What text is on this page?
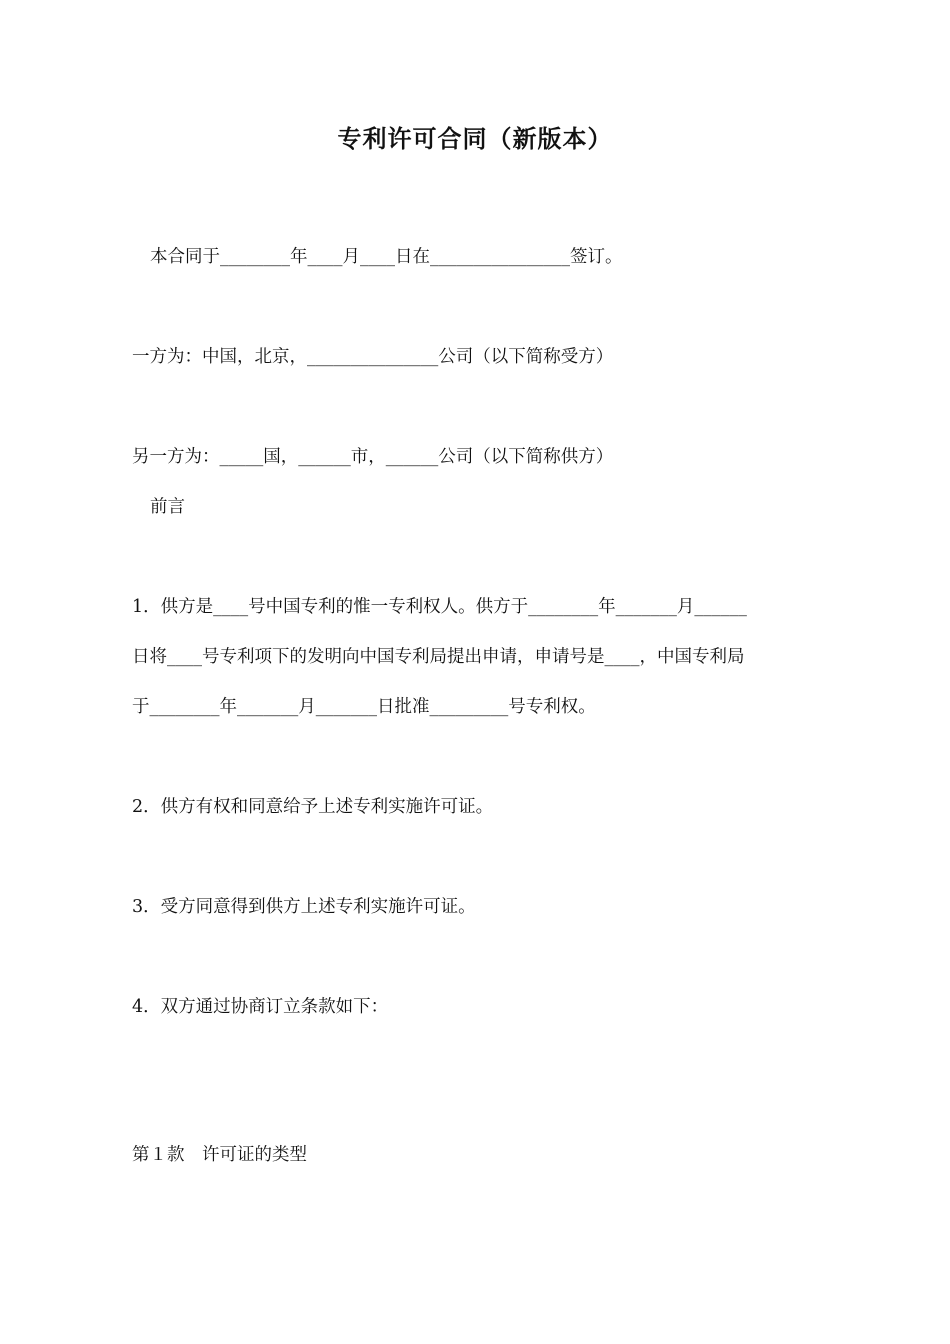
专利许可合同（新版本）
本合同于________年____月____日在________________签订。
一方为：中国，北京，_______________公司（以下简称受方）
另一方为：_____国，______市，______公司（以下简称供方）
前言
1．供方是____号中国专利的惟一专利权人。供方于________年_______月______
日将____号专利项下的发明向中国专利局提出申请，申请号是____，中国专利局
于________年_______月_______日批准_________号专利权。
2．供方有权和同意给予上述专利实施许可证。
3．受方同意得到供方上述专利实施许可证。
4．双方通过协商订立条款如下：
第１款　许可证的类型
